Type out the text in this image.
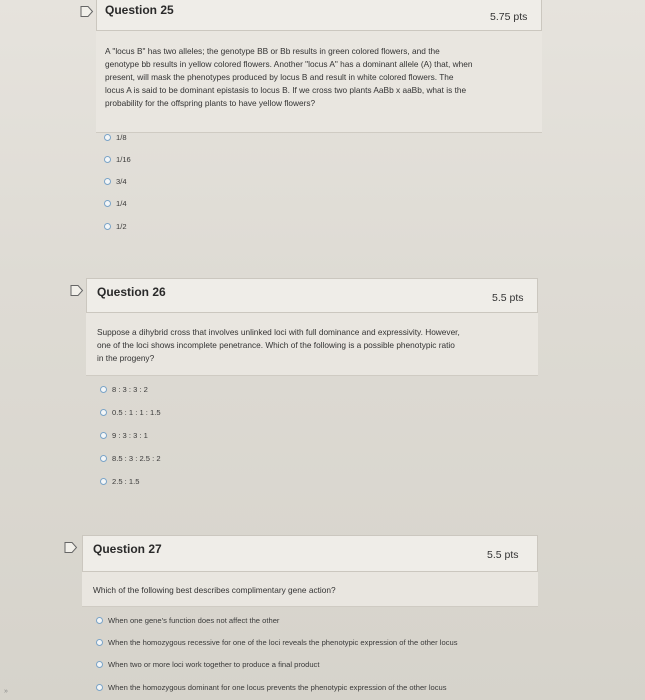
Question 25	5.75 pts
A "locus B" has two alleles; the genotype BB or Bb results in green colored flowers, and the
genotype bb results in yellow colored flowers. Another "locus A" has a dominant allele (A) that, when
present, will mask the phenotypes produced by locus B and result in white colored flowers. The
locus A is said to be dominant epistasis to locus B. If we cross two plants AaBb x aaBb, what is the
probability for the offspring plants to have yellow flowers?
1/8
1/16
3/4
1/4
1/2
Question 26	5.5 pts
Suppose a dihybrid cross that involves unlinked loci with full dominance and expressivity. However,
one of the loci shows incomplete penetrance. Which of the following is a possible phenotypic ratio
in the progeny?
8 : 3 : 3 : 2
0.5 : 1 : 1 : 1.5
9 : 3 : 3 : 1
8.5 : 3 : 2.5 : 2
2.5 : 1.5
Question 27	5.5 pts
Which of the following best describes complimentary gene action?
When one gene's function does not affect the other
When the homozygous recessive for one of the loci reveals the phenotypic expression of the other locus
When two or more loci work together to produce a final product
When the homozygous dominant for one locus prevents the phenotypic expression of the other locus
»
